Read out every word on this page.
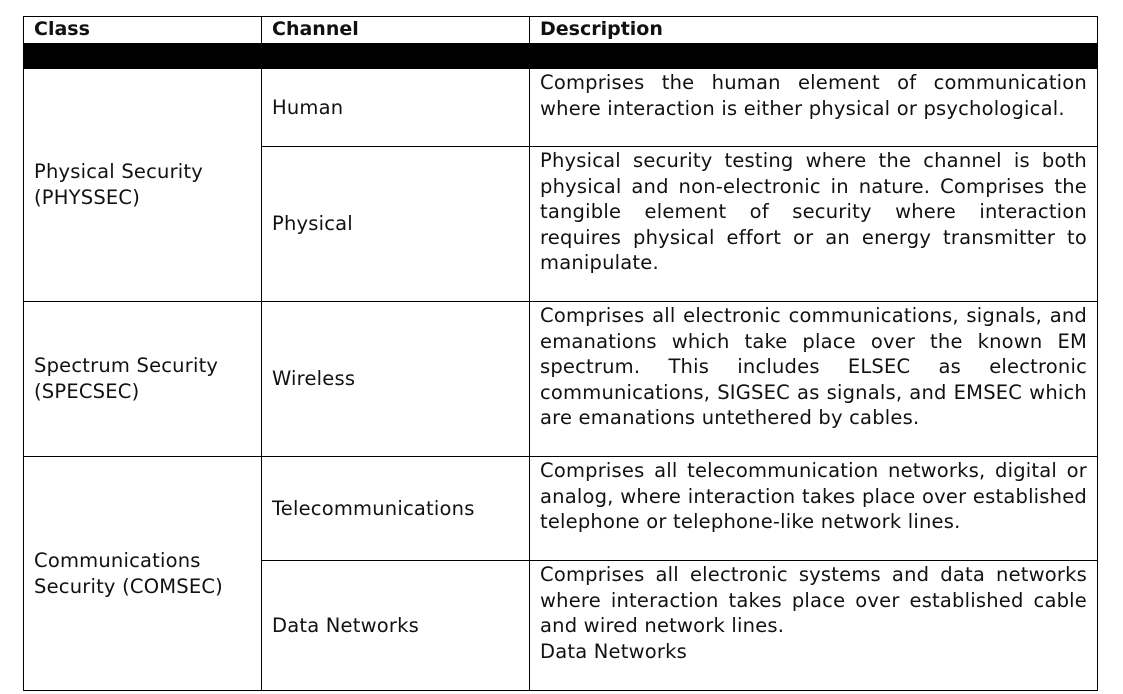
Class	Channel	Description

Physical Security (PHYSSEC)	Human	Comprises the human element of communication where interaction is either physical or psychological.
	Physical	Physical security testing where the channel is both physical and non-electronic in nature. Comprises the tangible element of security where interaction requires physical effort or an energy transmitter to manipulate.
Spectrum Security (SPECSEC)	Wireless	Comprises all electronic communications, signals, and emanations which take place over the known EM spectrum. This includes ELSEC as electronic communications, SIGSEC as signals, and EMSEC which are emanations untethered by cables.
Communications Security (COMSEC)	Telecommunications	Comprises all telecommunication networks, digital or analog, where interaction takes place over established telephone or telephone-like network lines.
	Data Networks	Comprises all electronic systems and data networks where interaction takes place over established cable and wired network lines.
Data Networks
